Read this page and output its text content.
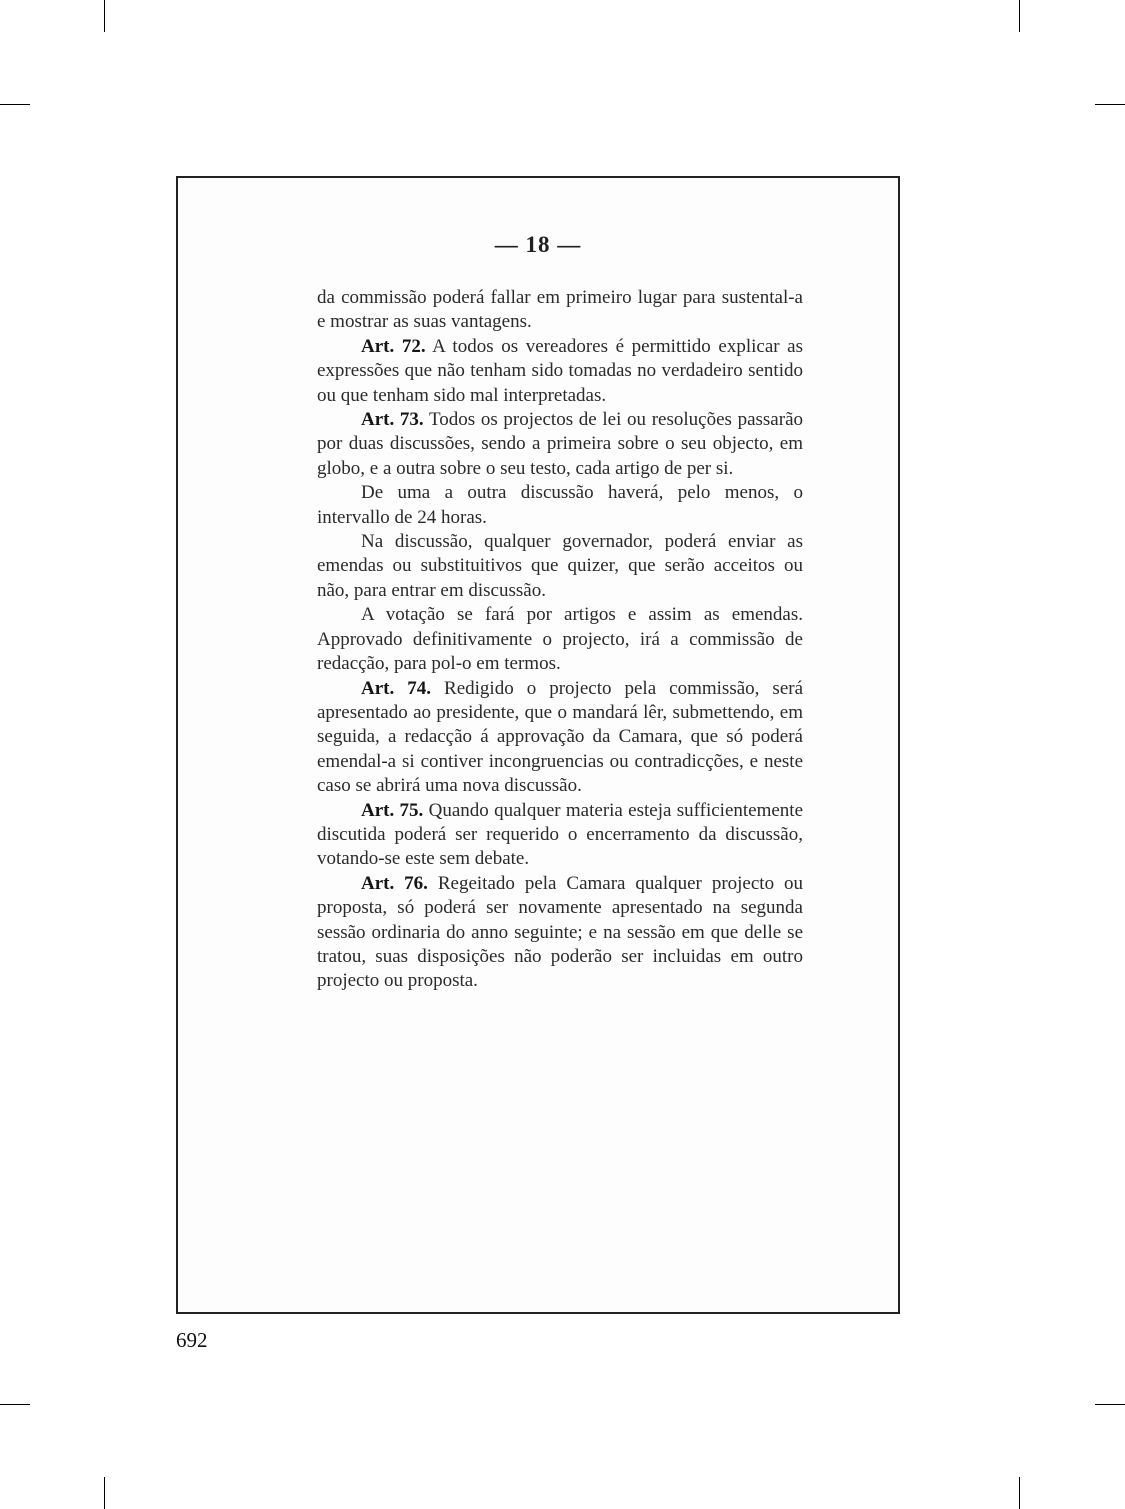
— 18 —

da commissão poderá fallar em primeiro lugar para sustental-a e mostrar as suas vantagens.

Art. 72. A todos os vereadores é permittido explicar as expressões que não tenham sido tomadas no verdadeiro sentido ou que tenham sido mal interpretadas.

Art. 73. Todos os projectos de lei ou resoluções passarão por duas discussões, sendo a primeira sobre o seu objecto, em globo, e a outra sobre o seu testo, cada artigo de per si.

De uma a outra discussão haverá, pelo menos, o intervallo de 24 horas.

Na discussão, qualquer governador, poderá enviar as emendas ou substituitivos que quizer, que serão acceitos ou não, para entrar em discussão.

A votação se fará por artigos e assim as emendas. Approvado definitivamente o projecto, irá a commissão de redacção, para pol-o em termos.

Art. 74. Redigido o projecto pela commissão, será apresentado ao presidente, que o mandará lêr, submettendo, em seguida, a redacção á approvação da Camara, que só poderá emendal-a si contiver incongruencias ou contradicções, e neste caso se abrirá uma nova discussão.

Art. 75. Quando qualquer materia esteja sufficientemente discutida poderá ser requerido o encerramento da discussão, votando-se este sem debate.

Art. 76. Regeitado pela Camara qualquer projecto ou proposta, só poderá ser novamente apresentado na segunda sessão ordinaria do anno seguinte; e na sessão em que delle se tratou, suas disposições não poderão ser incluidas em outro projecto ou proposta.

692
